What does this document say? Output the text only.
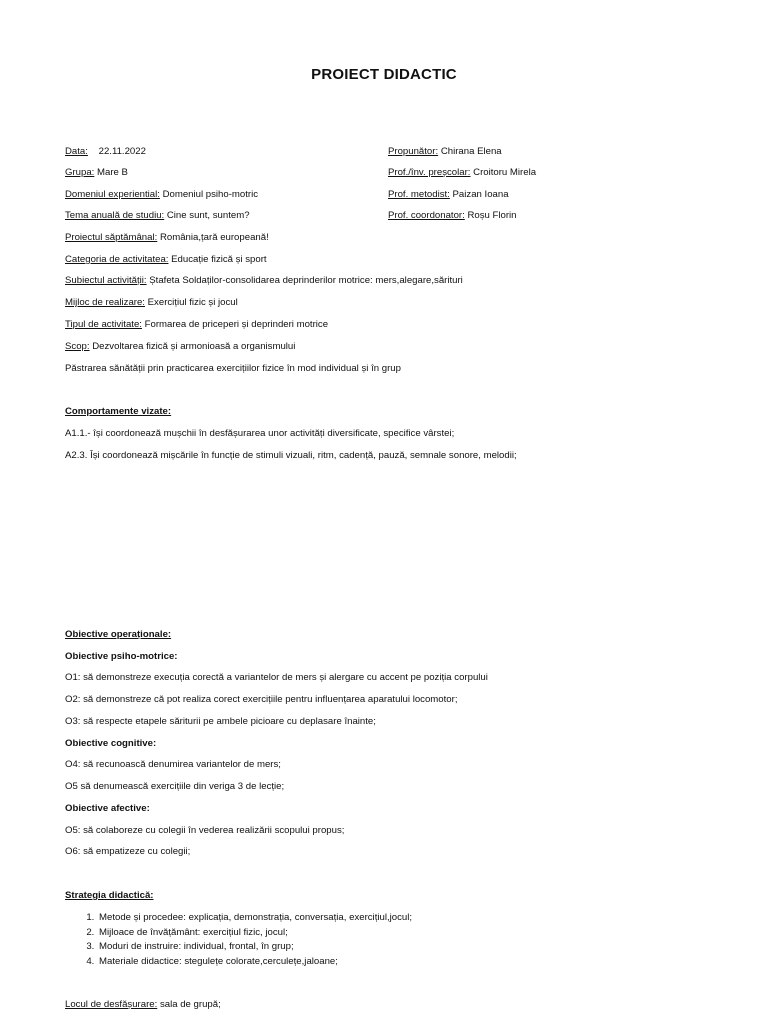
PROIECT DIDACTIC
Data: 22.11.2022
Grupa: Mare B
Domeniul experiential: Domeniul psiho-motric
Tema anuală de studiu: Cine sunt, suntem?
Proiectul săptămânal: România,țară europeană!
Categoria de activitatea: Educație fizică și sport
Subiectul activității: Ștafeta Soldaților-consolidarea deprinderilor motrice: mers,alegare,sărituri
Mijloc de realizare: Exercițiul fizic și jocul
Tipul de activitate: Formarea de priceperi și deprinderi motrice
Scop: Dezvoltarea fizică și armonioasă a organismului
Păstrarea sănătății prin practicarea exercițiilor fizice în mod individual și în grup
Propunător: Chirana Elena
Prof./înv. preșcolar: Croitoru Mirela
Prof. metodist: Paizan Ioana
Prof. coordonator: Roșu Florin
Comportamente vizate:
A1.1.- își coordonează mușchii în desfășurarea unor activități diversificate, specifice vârstei;
A2.3. Își coordonează mișcările în funcție de stimuli vizuali, ritm, cadență, pauză, semnale sonore, melodii;
Obiective operaționale:
Obiective psiho-motrice:
O1: să demonstreze execuția corectă a variantelor de mers și alergare cu accent pe poziția corpului
O2: să demonstreze că pot realiza corect exercițiile pentru influențarea aparatului locomotor;
O3: să respecte etapele săriturii pe ambele picioare cu deplasare înainte;
Obiective cognitive:
O4: să recunoască denumirea variantelor de mers;
O5 să denumească exercițiile din veriga 3 de lecție;
Obiective afective:
O5: să colaboreze cu colegii în vederea realizării scopului propus;
O6: să empatizeze cu colegii;
Strategia didactică:
1. Metode și procedee: explicația, demonstrația, conversația, exercițiul,jocul;
2. Mijloace de învățământ: exercițiul fizic, jocul;
3. Moduri de instruire: individual, frontal, în grup;
4. Materiale didactice: stegulețe colorate,cerculețe,jaloane;
Locul de desfășurare: sala de grupă;
